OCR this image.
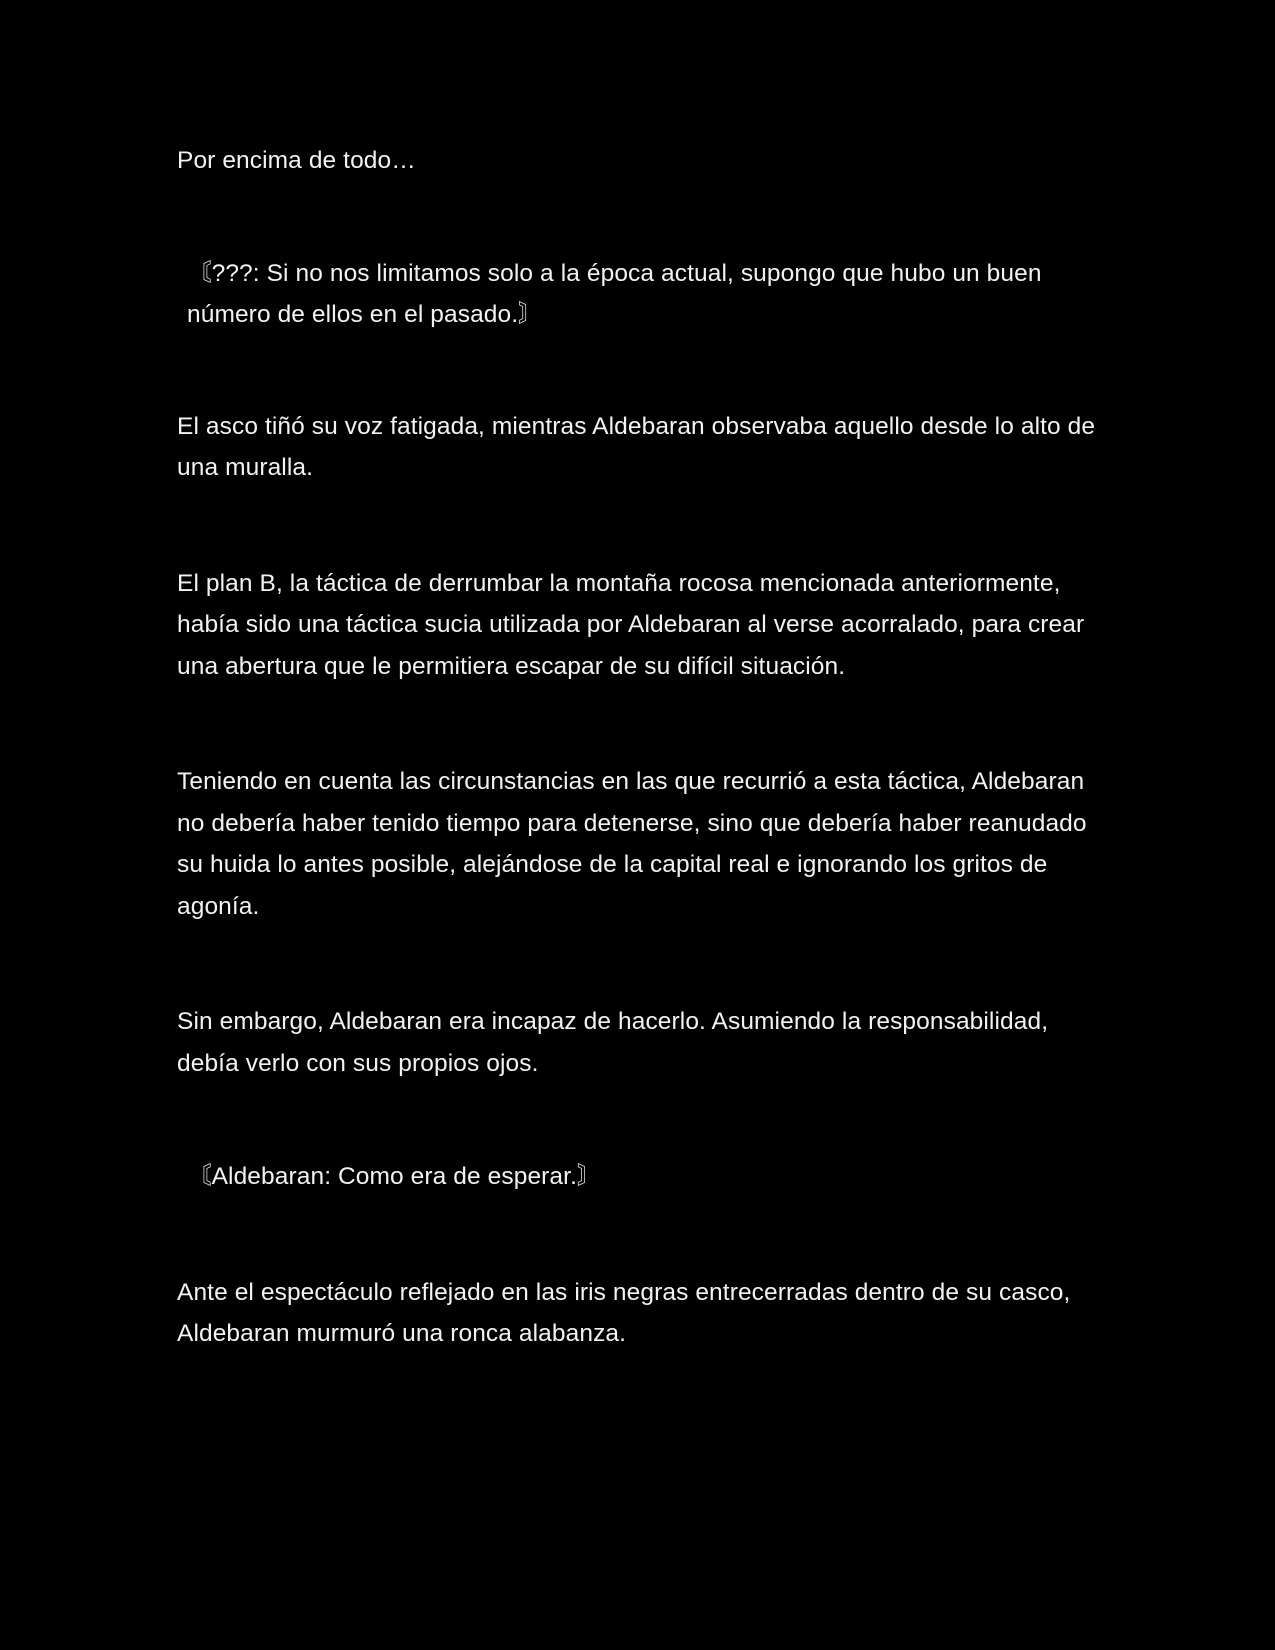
Por encima de todo…

〘???: Si no nos limitamos solo a la época actual, supongo que hubo un buen número de ellos en el pasado.〙

El asco tiñó su voz fatigada, mientras Aldebaran observaba aquello desde lo alto de una muralla.

El plan B, la táctica de derrumbar la montaña rocosa mencionada anteriormente, había sido una táctica sucia utilizada por Aldebaran al verse acorralado, para crear una abertura que le permitiera escapar de su difícil situación.

Teniendo en cuenta las circunstancias en las que recurrió a esta táctica, Aldebaran no debería haber tenido tiempo para detenerse, sino que debería haber reanudado su huida lo antes posible, alejándose de la capital real e ignorando los gritos de agonía.

Sin embargo, Aldebaran era incapaz de hacerlo. Asumiendo la responsabilidad, debía verlo con sus propios ojos.

〘Aldebaran: Como era de esperar.〙

Ante el espectáculo reflejado en las iris negras entrecerradas dentro de su casco, Aldebaran murmuró una ronca alabanza.
